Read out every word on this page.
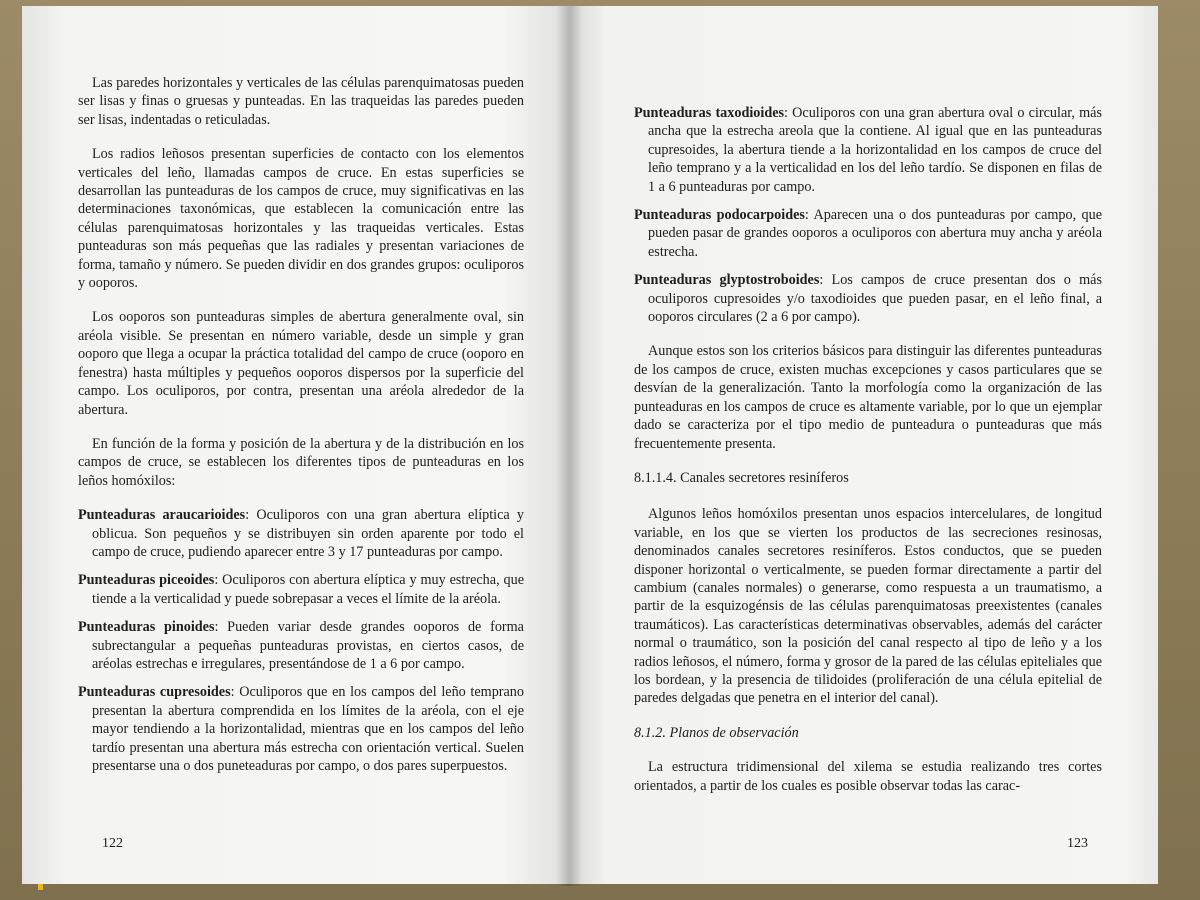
Las paredes horizontales y verticales de las células parenquimatosas pueden ser lisas y finas o gruesas y punteadas. En las traqueidas las paredes pueden ser lisas, indentadas o reticuladas.

Los radios leñosos presentan superficies de contacto con los elementos verticales del leño, llamadas campos de cruce. En estas superficies se desarrollan las punteaduras de los campos de cruce, muy significativas en las determinaciones taxonómicas, que establecen la comunicación entre las células parenquimatosas horizontales y las traqueidas verticales. Estas punteaduras son más pequeñas que las radiales y presentan variaciones de forma, tamaño y número. Se pueden dividir en dos grandes grupos: oculiporos y ooporos.

Los ooporos son punteaduras simples de abertura generalmente oval, sin aréola visible. Se presentan en número variable, desde un simple y gran ooporo que llega a ocupar la práctica totalidad del campo de cruce (ooporo en fenestra) hasta múltiples y pequeños ooporos dispersos por la superficie del campo. Los oculiporos, por contra, presentan una aréola alrededor de la abertura.

En función de la forma y posición de la abertura y de la distribución en los campos de cruce, se establecen los diferentes tipos de punteaduras en los leños homóxilos:

Punteaduras araucarioides: Oculiporos con una gran abertura elíptica y oblicua. Son pequeños y se distribuyen sin orden aparente por todo el campo de cruce, pudiendo aparecer entre 3 y 17 punteaduras por campo.

Punteaduras piceoides: Oculiporos con abertura elíptica y muy estrecha, que tiende a la verticalidad y puede sobrepasar a veces el límite de la aréola.

Punteaduras pinoides: Pueden variar desde grandes ooporos de forma subrectangular a pequeñas punteaduras provistas, en ciertos casos, de aréolas estrechas e irregulares, presentándose de 1 a 6 por campo.

Punteaduras cupresoides: Oculiporos que en los campos del leño temprano presentan la abertura comprendida en los límites de la aréola, con el eje mayor tendiendo a la horizontalidad, mientras que en los campos del leño tardío presentan una abertura más estrecha con orientación vertical. Suelen presentarse una o dos puneteaduras por campo, o dos pares superpuestos.

122

Punteaduras taxodioides: Oculiporos con una gran abertura oval o circular, más ancha que la estrecha areola que la contiene. Al igual que en las punteaduras cupresoides, la abertura tiende a la horizontalidad en los campos de cruce del leño temprano y a la verticalidad en los del leño tardío. Se disponen en filas de 1 a 6 punteaduras por campo.

Punteaduras podocarpoides: Aparecen una o dos punteaduras por campo, que pueden pasar de grandes ooporos a oculiporos con abertura muy ancha y aréola estrecha.

Punteaduras glyptostroboides: Los campos de cruce presentan dos o más oculiporos cupresoides y/o taxodioides que pueden pasar, en el leño final, a ooporos circulares (2 a 6 por campo).

Aunque estos son los criterios básicos para distinguir las diferentes punteaduras de los campos de cruce, existen muchas excepciones y casos particulares que se desvían de la generalización. Tanto la morfología como la organización de las punteaduras en los campos de cruce es altamente variable, por lo que un ejemplar dado se caracteriza por el tipo medio de punteadura o punteaduras que más frecuentemente presenta.

8.1.1.4. Canales secretores resiníferos

Algunos leños homóxilos presentan unos espacios intercelulares, de longitud variable, en los que se vierten los productos de las secreciones resinosas, denominados canales secretores resiníferos. Estos conductos, que se pueden disponer horizontal o verticalmente, se pueden formar directamente a partir del cambium (canales normales) o generarse, como respuesta a un traumatismo, a partir de la esquizogénsis de las células parenquimatosas preexistentes (canales traumáticos). Las características determinativas observables, además del carácter normal o traumático, son la posición del canal respecto al tipo de leño y a los radios leñosos, el número, forma y grosor de la pared de las células epiteliales que los bordean, y la presencia de tilidoides (proliferación de una célula epitelial de paredes delgadas que penetra en el interior del canal).

8.1.2. Planos de observación

La estructura tridimensional del xilema se estudia realizando tres cortes orientados, a partir de los cuales es posible observar todas las carac-

123
